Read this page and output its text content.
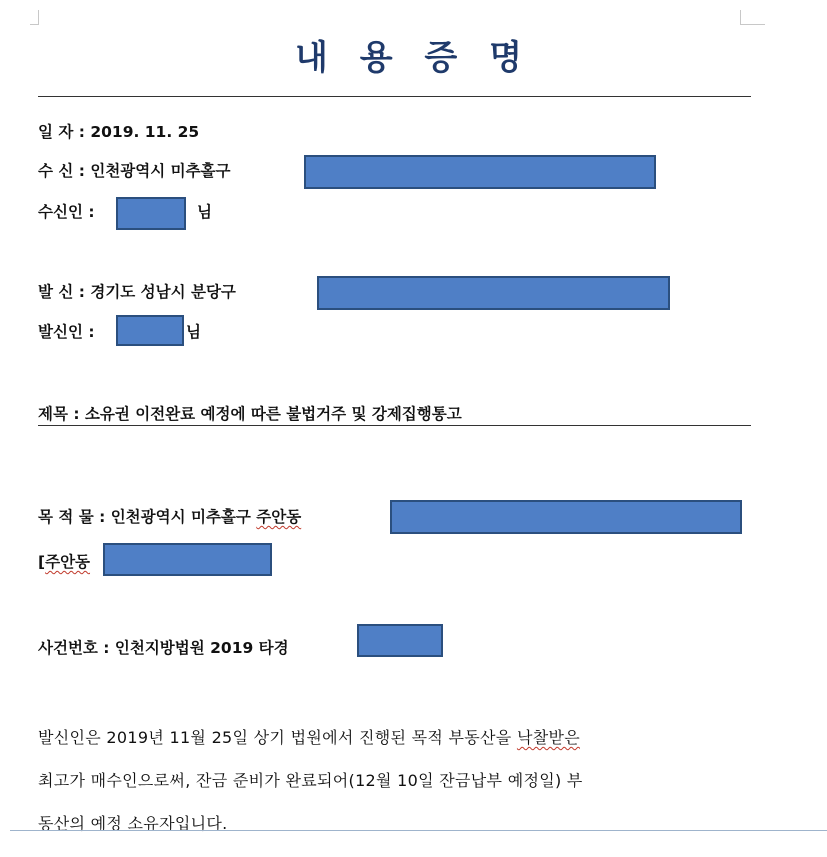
내 용 증 명
일 자 : 2019. 11. 25
수 신 : 인천광역시 미추홀구
수신인 :	님
발 신 : 경기도 성남시 분당구
발신인 :	님
제목 : 소유권 이전완료 예정에 따른 불법거주 및 강제집행통고
목 적 물 : 인천광역시 미추홀구 주안동
[주안동
사건번호 : 인천지방법원 2019 타경
발신인은 2019년 11월 25일 상기 법원에서 진행된 목적 부동산을 낙찰받은
최고가 매수인으로써, 잔금 준비가 완료되어(12월 10일 잔금납부 예정일) 부
동산의 예정 소유자입니다.
